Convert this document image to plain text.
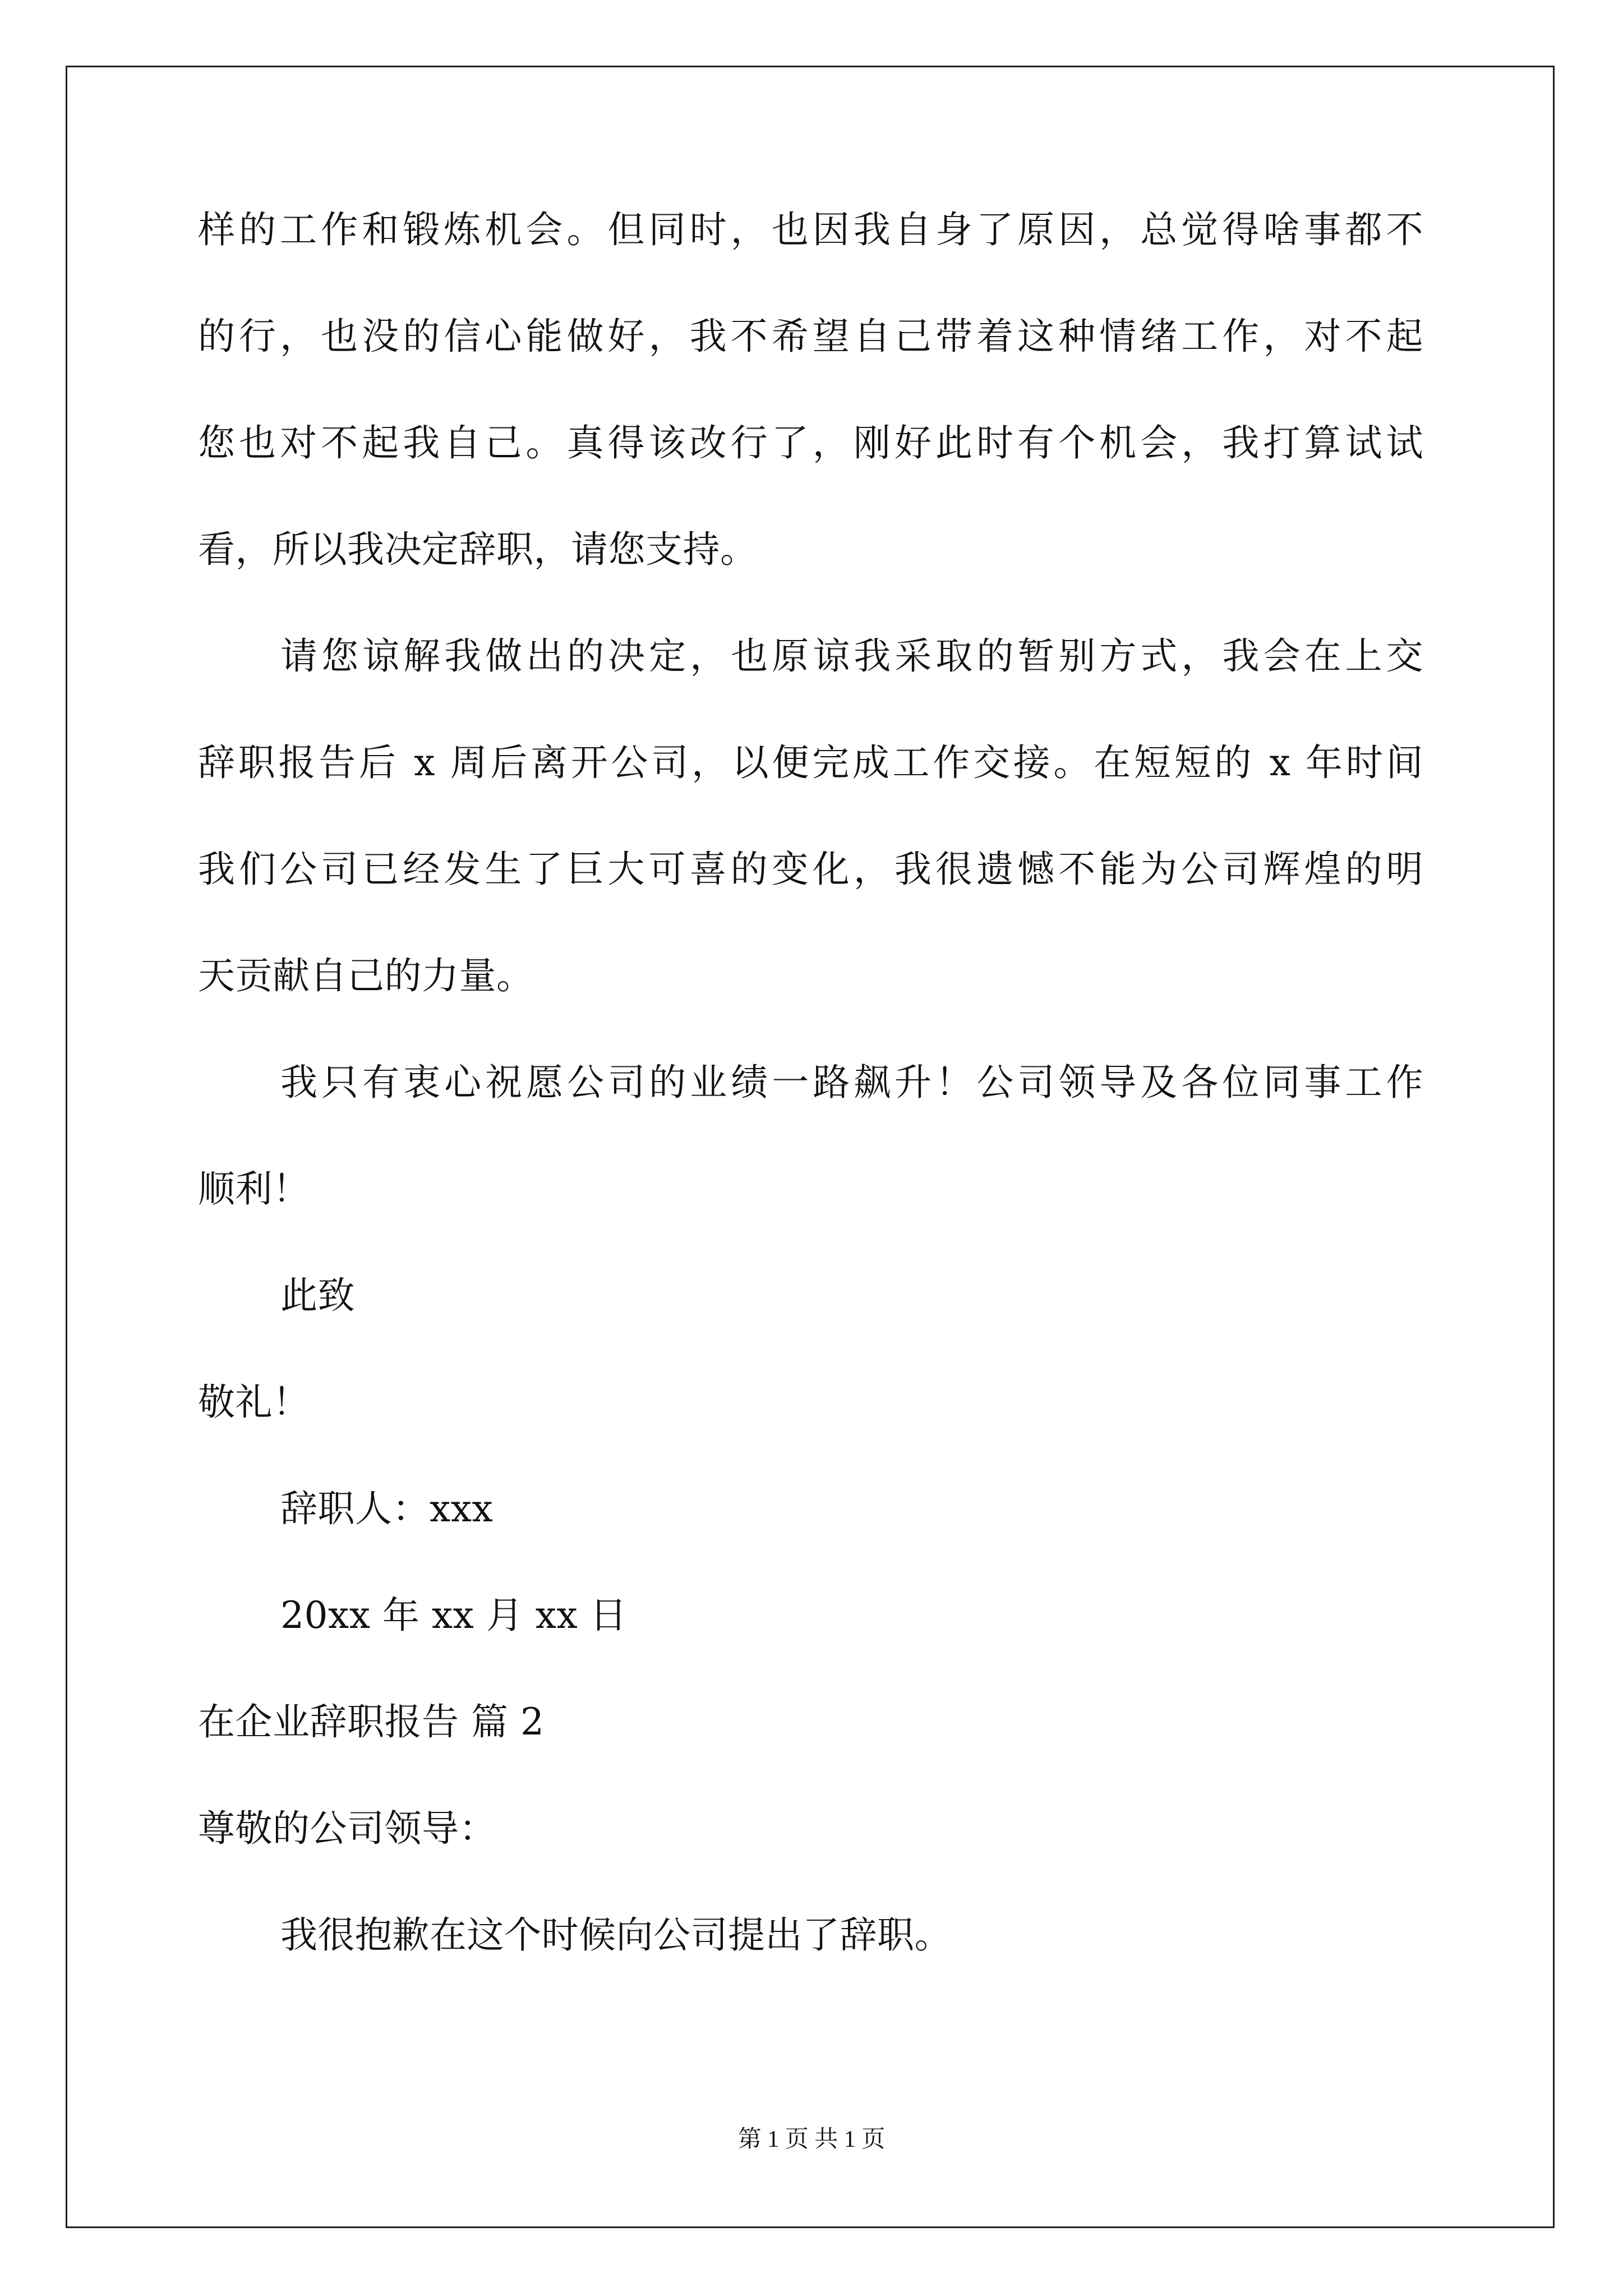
样的工作和锻炼机会。但同时，也因我自身了原因，总觉得啥事都不

的行，也没的信心能做好，我不希望自己带着这种情绪工作，对不起

您也对不起我自己。真得该改行了，刚好此时有个机会，我打算试试

看，所以我决定辞职，请您支持。

请您谅解我做出的决定，也原谅我采取的暂别方式，我会在上交

辞职报告后 x 周后离开公司，以便完成工作交接。在短短的 x 年时间

我们公司已经发生了巨大可喜的变化，我很遗憾不能为公司辉煌的明

天贡献自己的力量。

我只有衷心祝愿公司的业绩一路飙升！公司领导及各位同事工作

顺利！

此致

敬礼！

辞职人：xxx

20xx 年 xx 月 xx 日

在企业辞职报告 篇 2

尊敬的公司领导：

我很抱歉在这个时候向公司提出了辞职。

第 1 页 共 1 页
